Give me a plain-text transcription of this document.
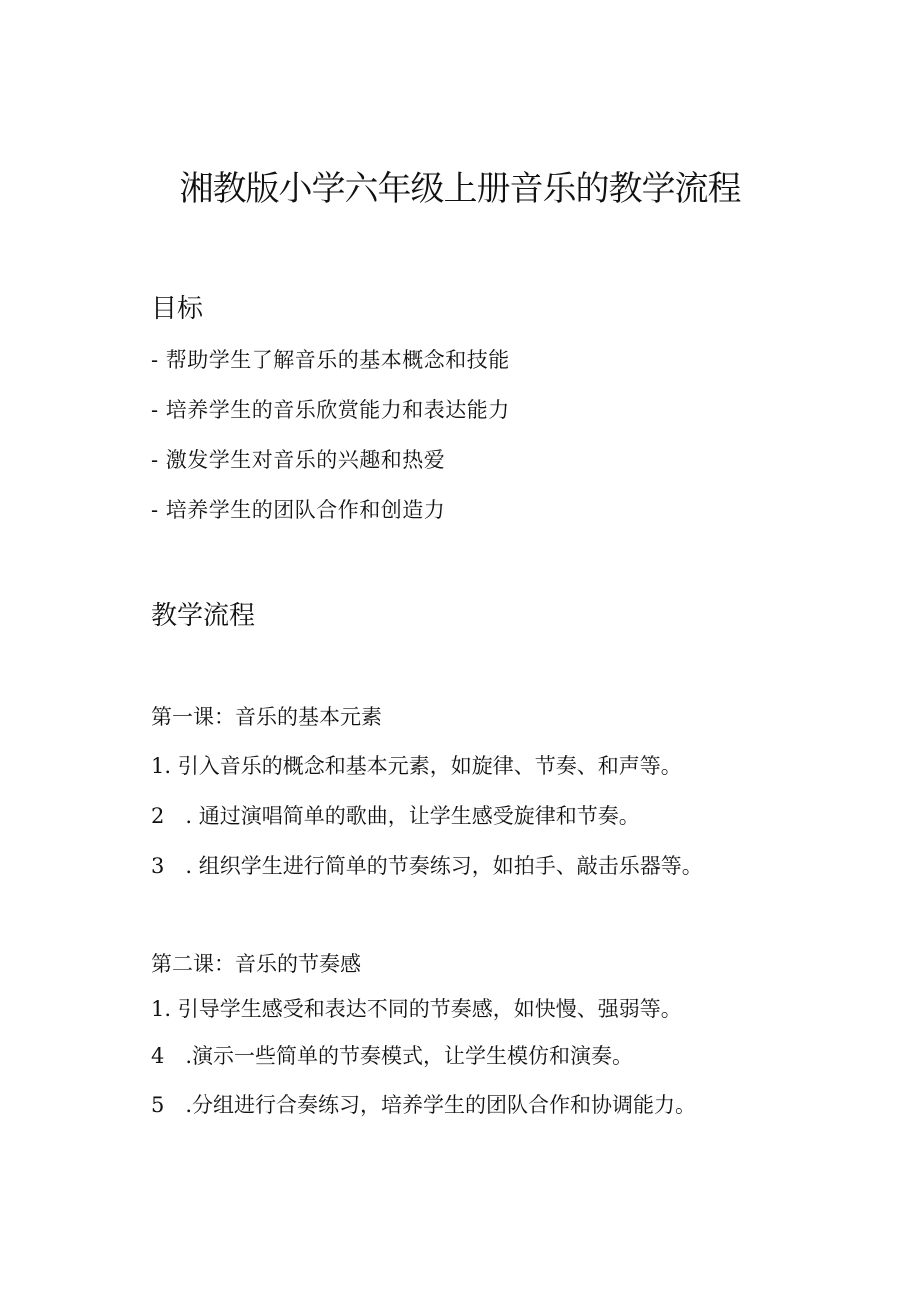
湘教版小学六年级上册音乐的教学流程
目标
- 帮助学生了解音乐的基本概念和技能
- 培养学生的音乐欣赏能力和表达能力
- 激发学生对音乐的兴趣和热爱
- 培养学生的团队合作和创造力
教学流程
第一课：音乐的基本元素
1. 引入音乐的概念和基本元素，如旋律、节奏、和声等。
2　. 通过演唱简单的歌曲，让学生感受旋律和节奏。
3　. 组织学生进行简单的节奏练习，如拍手、敲击乐器等。
第二课：音乐的节奏感
1. 引导学生感受和表达不同的节奏感，如快慢、强弱等。
4　.演示一些简单的节奏模式，让学生模仿和演奏。
5　.分组进行合奏练习，培养学生的团队合作和协调能力。
